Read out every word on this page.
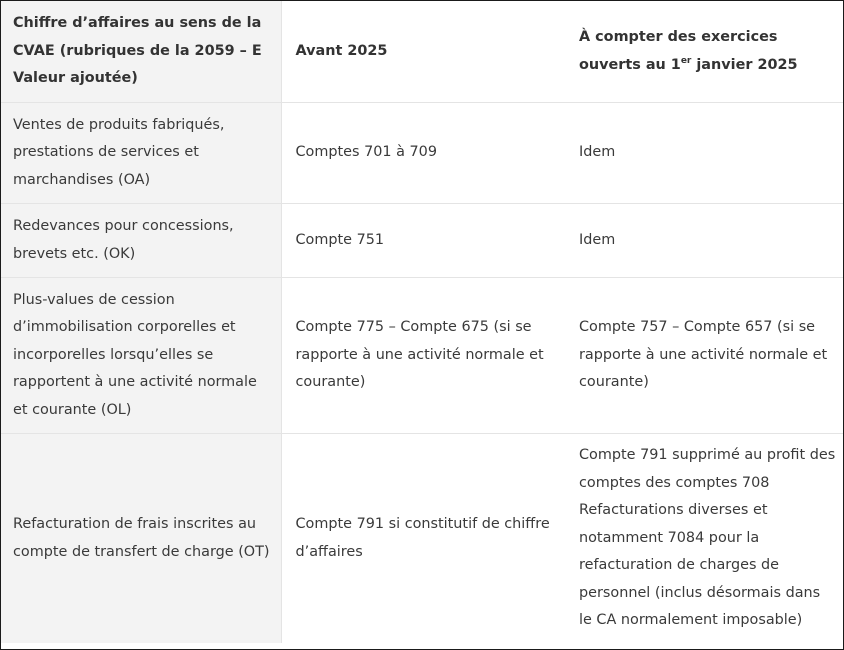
Chiffre d’affaires au sens de la CVAE (rubriques de la 2059 – E Valeur ajoutée)	Avant 2025	À compter des exercices ouverts au 1er janvier 2025
Ventes de produits fabriqués, prestations de services et marchandises (OA)	Comptes 701 à 709	Idem
Redevances pour concessions, brevets etc. (OK)	Compte 751	Idem
Plus-values de cession d’immobilisation corporelles et incorporelles lorsqu’elles se rapportent à une activité normale et courante (OL)	Compte 775 – Compte 675 (si se rapporte à une activité normale et courante)	Compte 757 – Compte 657 (si se rapporte à une activité normale et courante)
Refacturation de frais inscrites au compte de transfert de charge (OT)	Compte 791 si constitutif de chiffre d’affaires	Compte 791 supprimé au profit des comptes des comptes 708 Refacturations diverses et notamment 7084 pour la refacturation de charges de personnel (inclus désormais dans le CA normalement imposable)
